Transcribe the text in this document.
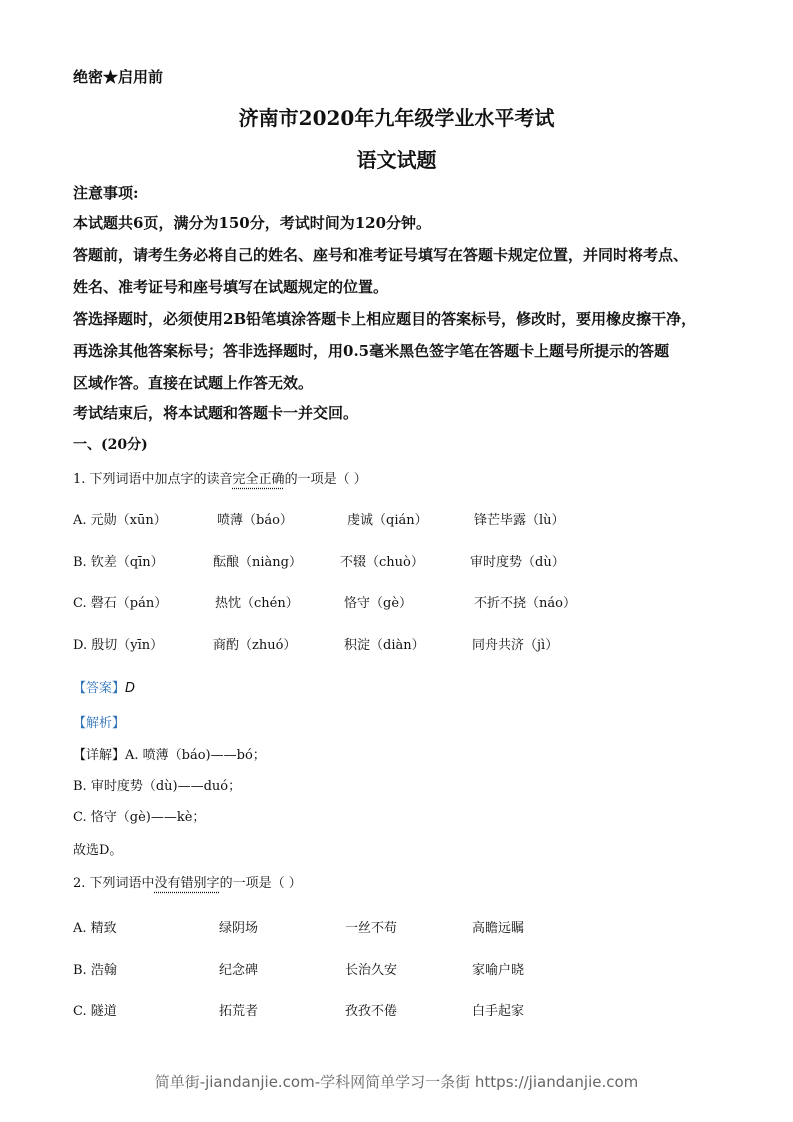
绝密★启用前
济南市2020年九年级学业水平考试
语文试题
注意事项:
本试题共6页，满分为150分，考试时间为120分钟。
答题前，请考生务必将自己的姓名、座号和准考证号填写在答题卡规定位置，并同时将考点、
姓名、准考证号和座号填写在试题规定的位置。
答选择题时，必须使用2B铅笔填涂答题卡上相应题目的答案标号，修改时，要用橡皮擦干净，
再选涂其他答案标号；答非选择题时，用0.5毫米黑色签字笔在答题卡上题号所提示的答题
区域作答。直接在试题上作答无效。
考试结束后，将本试题和答题卡一并交回。
一、(20分)
1. 下列词语中加点字的读音完全正确的一项是（ ）
A. 元勋（xūn）	喷薄（báo）	虔诚（qián）	锋芒毕露（lù）
B. 钦差（qīn）	酝酿（niàng）	不辍（chuò）	审时度势（dù）
C. 磬石（pán）	热忱（chén）	恪守（gè）	不折不挠（náo）
D. 殷切（yīn）	商酌（zhuó）	积淀（diàn）	同舟共济（jì）
【答案】D
【解析】
【详解】A. 喷薄（báo)——bó；
B. 审时度势（dù)——duó；
C. 恪守（gè)——kè；
故选D。
2. 下列词语中没有错别字的一项是（ ）
A. 精致	绿阴场	一丝不苟	高瞻远瞩
B. 浩翰	纪念碑	长治久安	家喻户晓
C. 隧道	拓荒者	孜孜不倦	白手起家
简单街-jiandanjie.com-学科网简单学习一条街 https://jiandanjie.com
